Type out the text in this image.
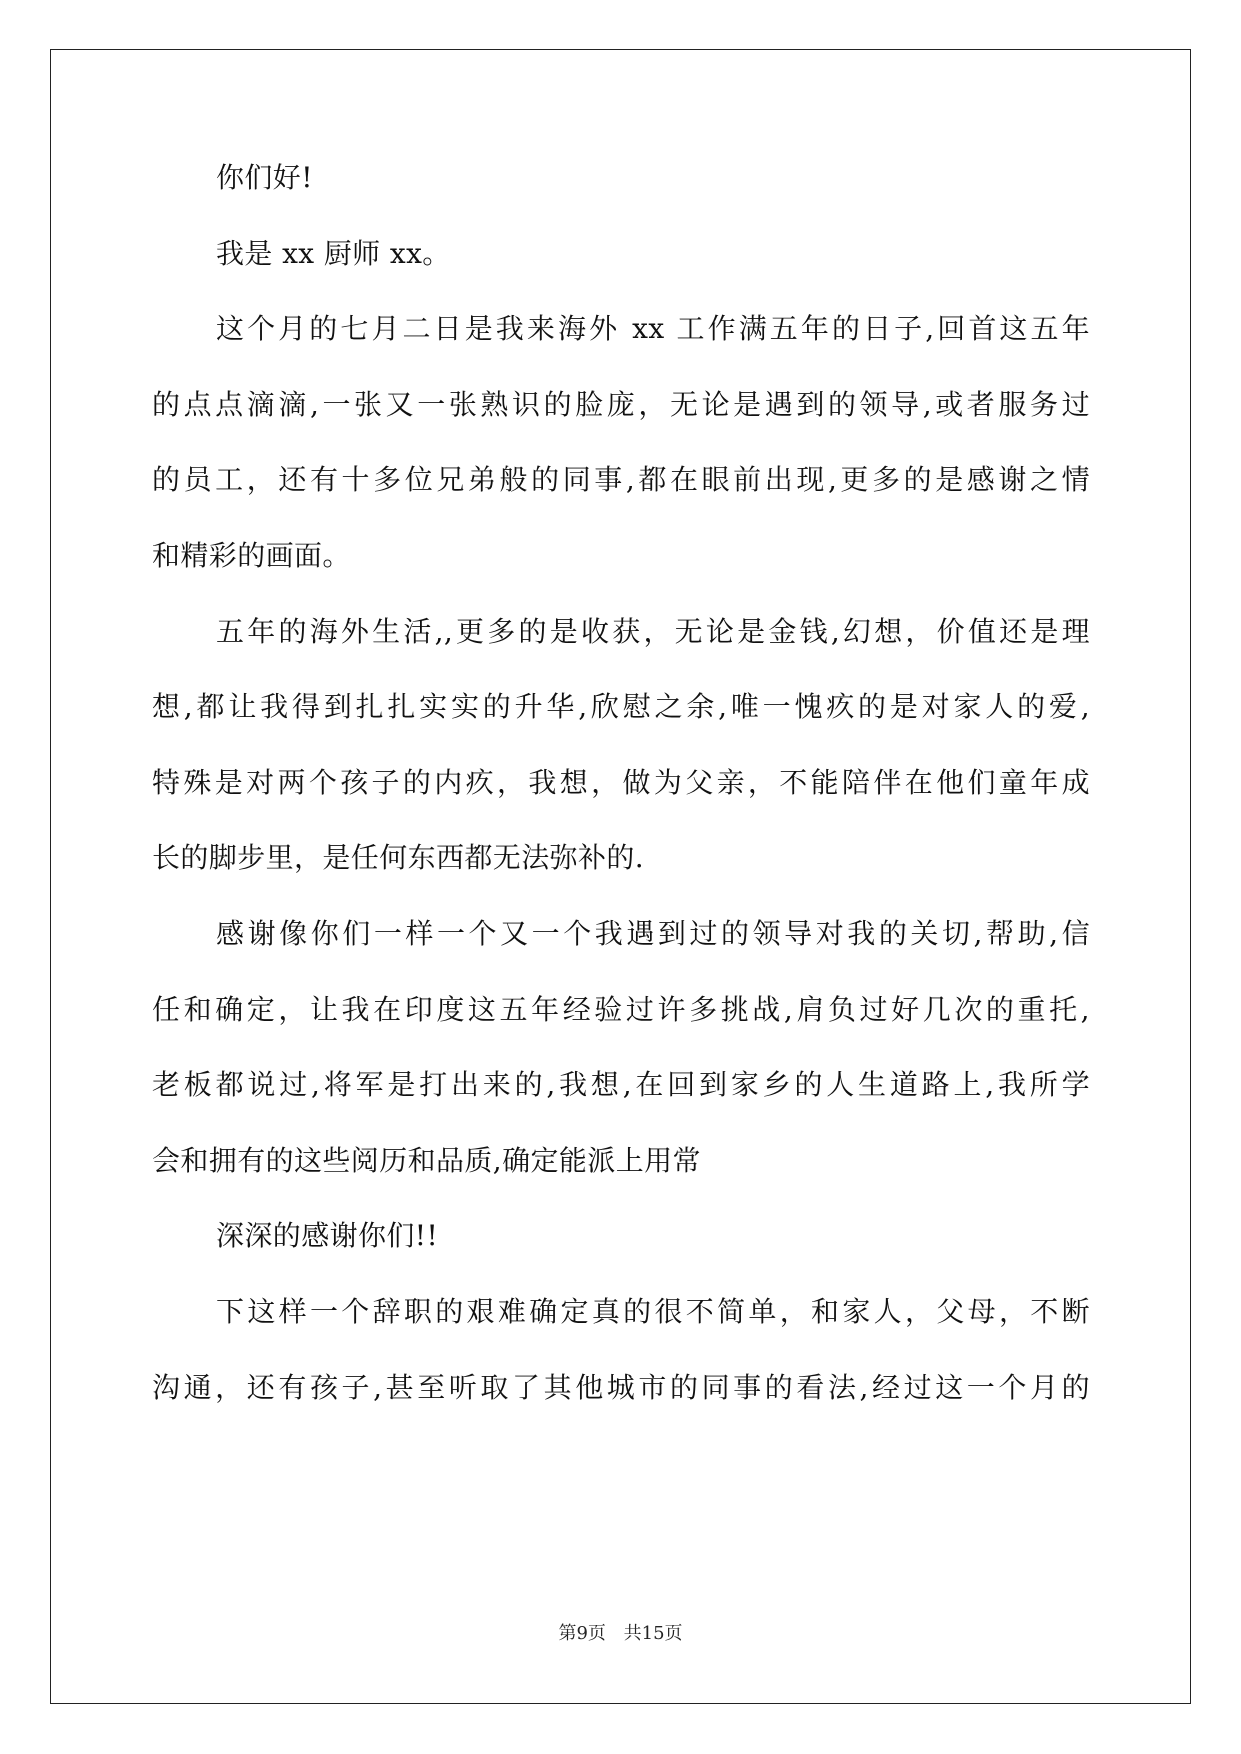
你们好!
我是 xx 厨师 xx。
这个月的七月二日是我来海外 xx 工作满五年的日子,回首这五年
的点点滴滴,一张又一张熟识的脸庞，无论是遇到的领导,或者服务过
的员工，还有十多位兄弟般的同事,都在眼前出现,更多的是感谢之情
和精彩的画面。
五年的海外生活,,更多的是收获，无论是金钱,幻想，价值还是理
想,都让我得到扎扎实实的升华,欣慰之余,唯一愧疚的是对家人的爱,
特殊是对两个孩子的内疚，我想，做为父亲，不能陪伴在他们童年成
长的脚步里，是任何东西都无法弥补的.
感谢像你们一样一个又一个我遇到过的领导对我的关切,帮助,信
任和确定，让我在印度这五年经验过许多挑战,肩负过好几次的重托,
老板都说过,将军是打出来的,我想,在回到家乡的人生道路上,我所学
会和拥有的这些阅历和品质,确定能派上用常
深深的感谢你们!!
下这样一个辞职的艰难确定真的很不简单，和家人，父母，不断
沟通，还有孩子,甚至听取了其他城市的同事的看法,经过这一个月的
第9页 共15页
